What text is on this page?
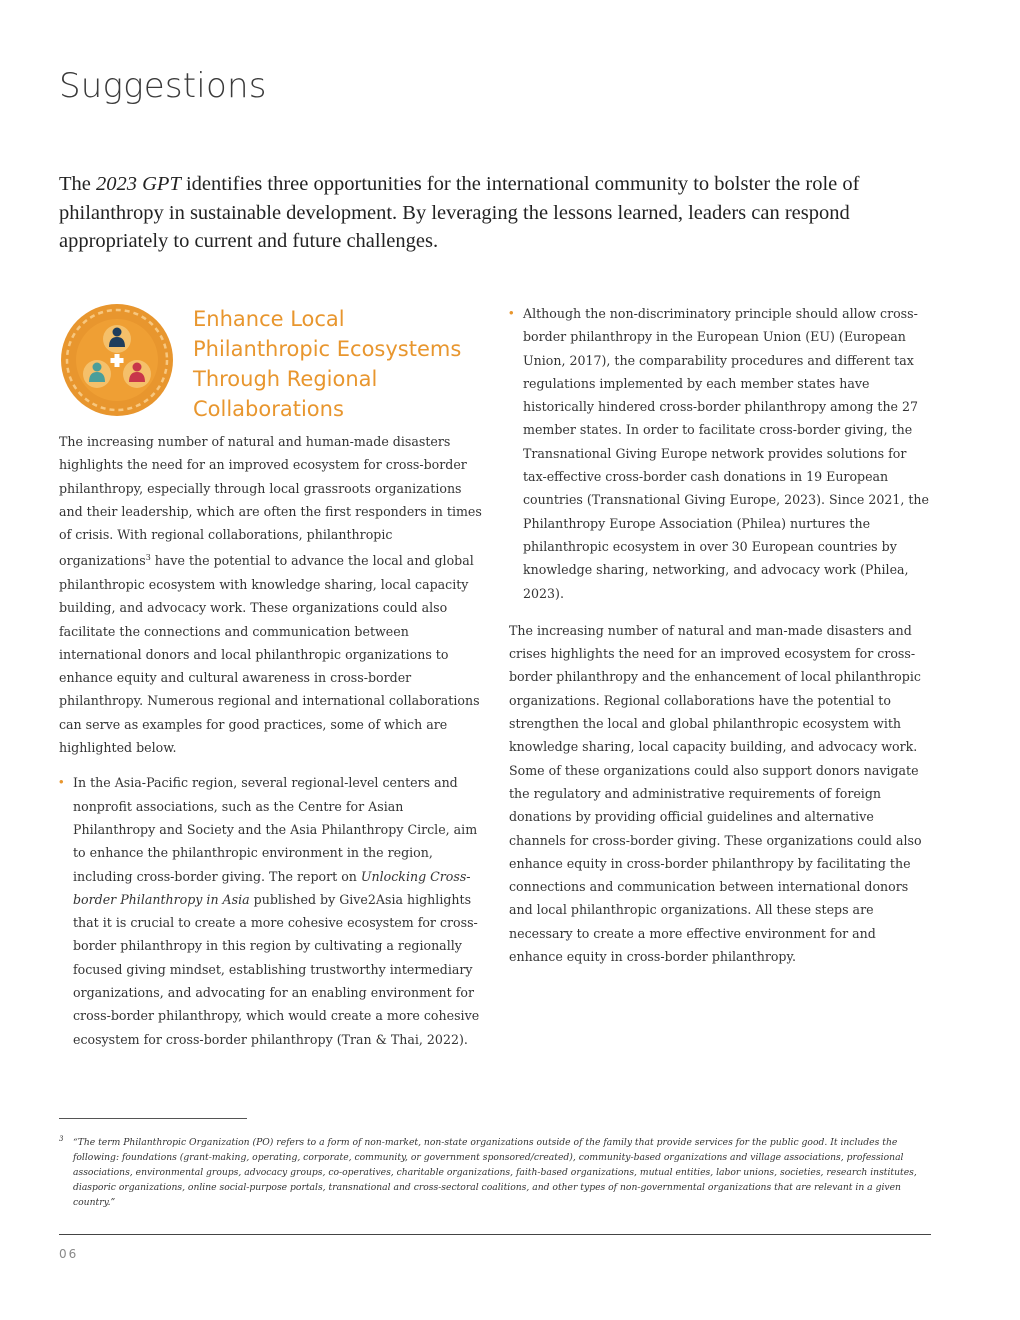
Suggestions

The 2023 GPT identifies three opportunities for the international community to bolster the role of philanthropy in sustainable development. By leveraging the lessons learned, leaders can respond appropriately to current and future challenges.

Enhance Local
Philanthropic Ecosystems
Through Regional
Collaborations

The increasing number of natural and human-made disasters highlights the need for an improved ecosystem for cross-border philanthropy, especially through local grassroots organizations and their leadership, which are often the first responders in times of crisis. With regional collaborations, philanthropic organizations$^3$ have the potential to advance the local and global philanthropic ecosystem with knowledge sharing, local capacity building, and advocacy work. These organizations could also facilitate the connections and communication between international donors and local philanthropic organizations to enhance equity and cultural awareness in cross-border philanthropy. Numerous regional and international collaborations can serve as examples for good practices, some of which are highlighted below.

• In the Asia-Pacific region, several regional-level centers and nonprofit associations, such as the Centre for Asian Philanthropy and Society and the Asia Philanthropy Circle, aim to enhance the philanthropic environment in the region, including cross-border giving. The report on Unlocking Cross-border Philanthropy in Asia published by Give2Asia highlights that it is crucial to create a more cohesive ecosystem for cross-border philanthropy in this region by cultivating a regionally focused giving mindset, establishing trustworthy intermediary organizations, and advocating for an enabling environment for cross-border philanthropy, which would create a more cohesive ecosystem for cross-border philanthropy (Tran & Thai, 2022).

• Although the non-discriminatory principle should allow cross-border philanthropy in the European Union (EU) (European Union, 2017), the comparability procedures and different tax regulations implemented by each member states have historically hindered cross-border philanthropy among the 27 member states. In order to facilitate cross-border giving, the Transnational Giving Europe network provides solutions for tax-effective cross-border cash donations in 19 European countries (Transnational Giving Europe, 2023). Since 2021, the Philanthropy Europe Association (Philea) nurtures the philanthropic ecosystem in over 30 European countries by knowledge sharing, networking, and advocacy work (Philea, 2023).

The increasing number of natural and man-made disasters and crises highlights the need for an improved ecosystem for cross-border philanthropy and the enhancement of local philanthropic organizations. Regional collaborations have the potential to strengthen the local and global philanthropic ecosystem with knowledge sharing, local capacity building, and advocacy work. Some of these organizations could also support donors navigate the regulatory and administrative requirements of foreign donations by providing official guidelines and alternative channels for cross-border giving. These organizations could also enhance equity in cross-border philanthropy by facilitating the connections and communication between international donors and local philanthropic organizations. All these steps are necessary to create a more effective environment for and enhance equity in cross-border philanthropy.

3	“The term Philanthropic Organization (PO) refers to a form of non-market, non-state organizations outside of the family that provide services for the public good. It includes the following: foundations (grant-making, operating, corporate, community, or government sponsored/created), community-based organizations and village associations, professional associations, environmental groups, advocacy groups, co-operatives, charitable organizations, faith-based organizations, mutual entities, labor unions, societies, research institutes, diasporic organizations, online social-purpose portals, transnational and cross-sectoral coalitions, and other types of non-governmental organizations that are relevant in a given country.”

06
